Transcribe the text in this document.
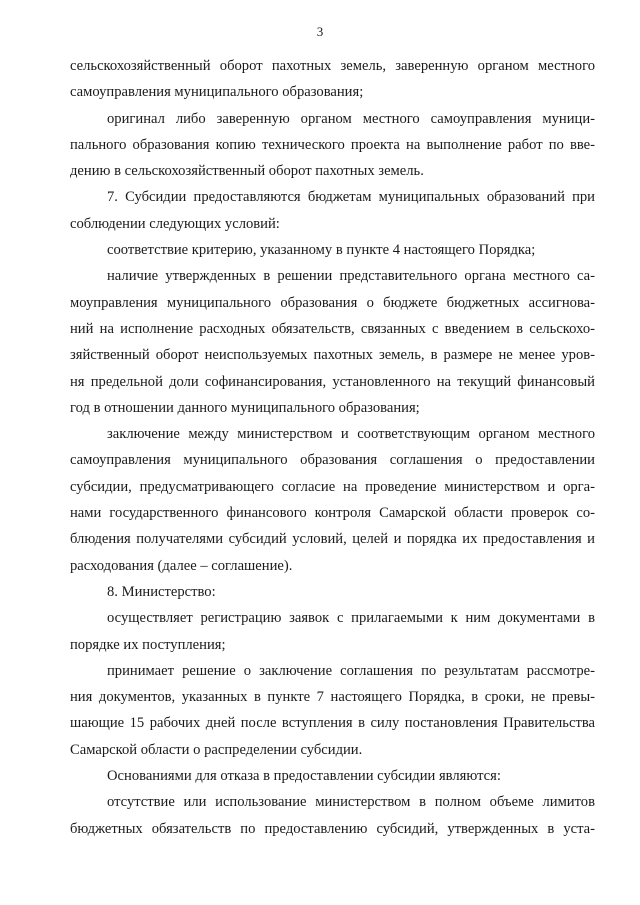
3
сельскохозяйственный оборот пахотных земель, заверенную органом местного
самоуправления муниципального образования;
оригинал либо заверенную органом местного самоуправления муници-
пального образования копию технического проекта на выполнение работ по вве-
дению в сельскохозяйственный оборот пахотных земель.
7. Субсидии предоставляются бюджетам муниципальных образований при
соблюдении следующих условий:
соответствие критерию, указанному в пункте 4 настоящего Порядка;
наличие утвержденных в решении представительного органа местного са-
моуправления муниципального образования о бюджете бюджетных ассигнова-
ний на исполнение расходных обязательств, связанных с введением в сельскохо-
зяйственный оборот неиспользуемых пахотных земель, в размере не менее уров-
ня предельной доли софинансирования, установленного на текущий финансовый
год в отношении данного муниципального образования;
заключение между министерством и соответствующим органом местного
самоуправления муниципального образования соглашения о предоставлении
субсидии, предусматривающего согласие на проведение министерством и орга-
нами государственного финансового контроля Самарской области проверок со-
блюдения получателями субсидий условий, целей и порядка их предоставления и
расходования (далее – соглашение).
8. Министерство:
осуществляет регистрацию заявок с прилагаемыми к ним документами в
порядке их поступления;
принимает решение о заключение соглашения по результатам рассмотре-
ния документов, указанных в пункте 7 настоящего Порядка, в сроки, не превы-
шающие 15 рабочих дней после вступления в силу постановления Правительства
Самарской области о распределении субсидии.
Основаниями для отказа в предоставлении субсидии являются:
отсутствие или использование министерством в полном объеме лимитов
бюджетных обязательств по предоставлению субсидий, утвержденных в уста-
